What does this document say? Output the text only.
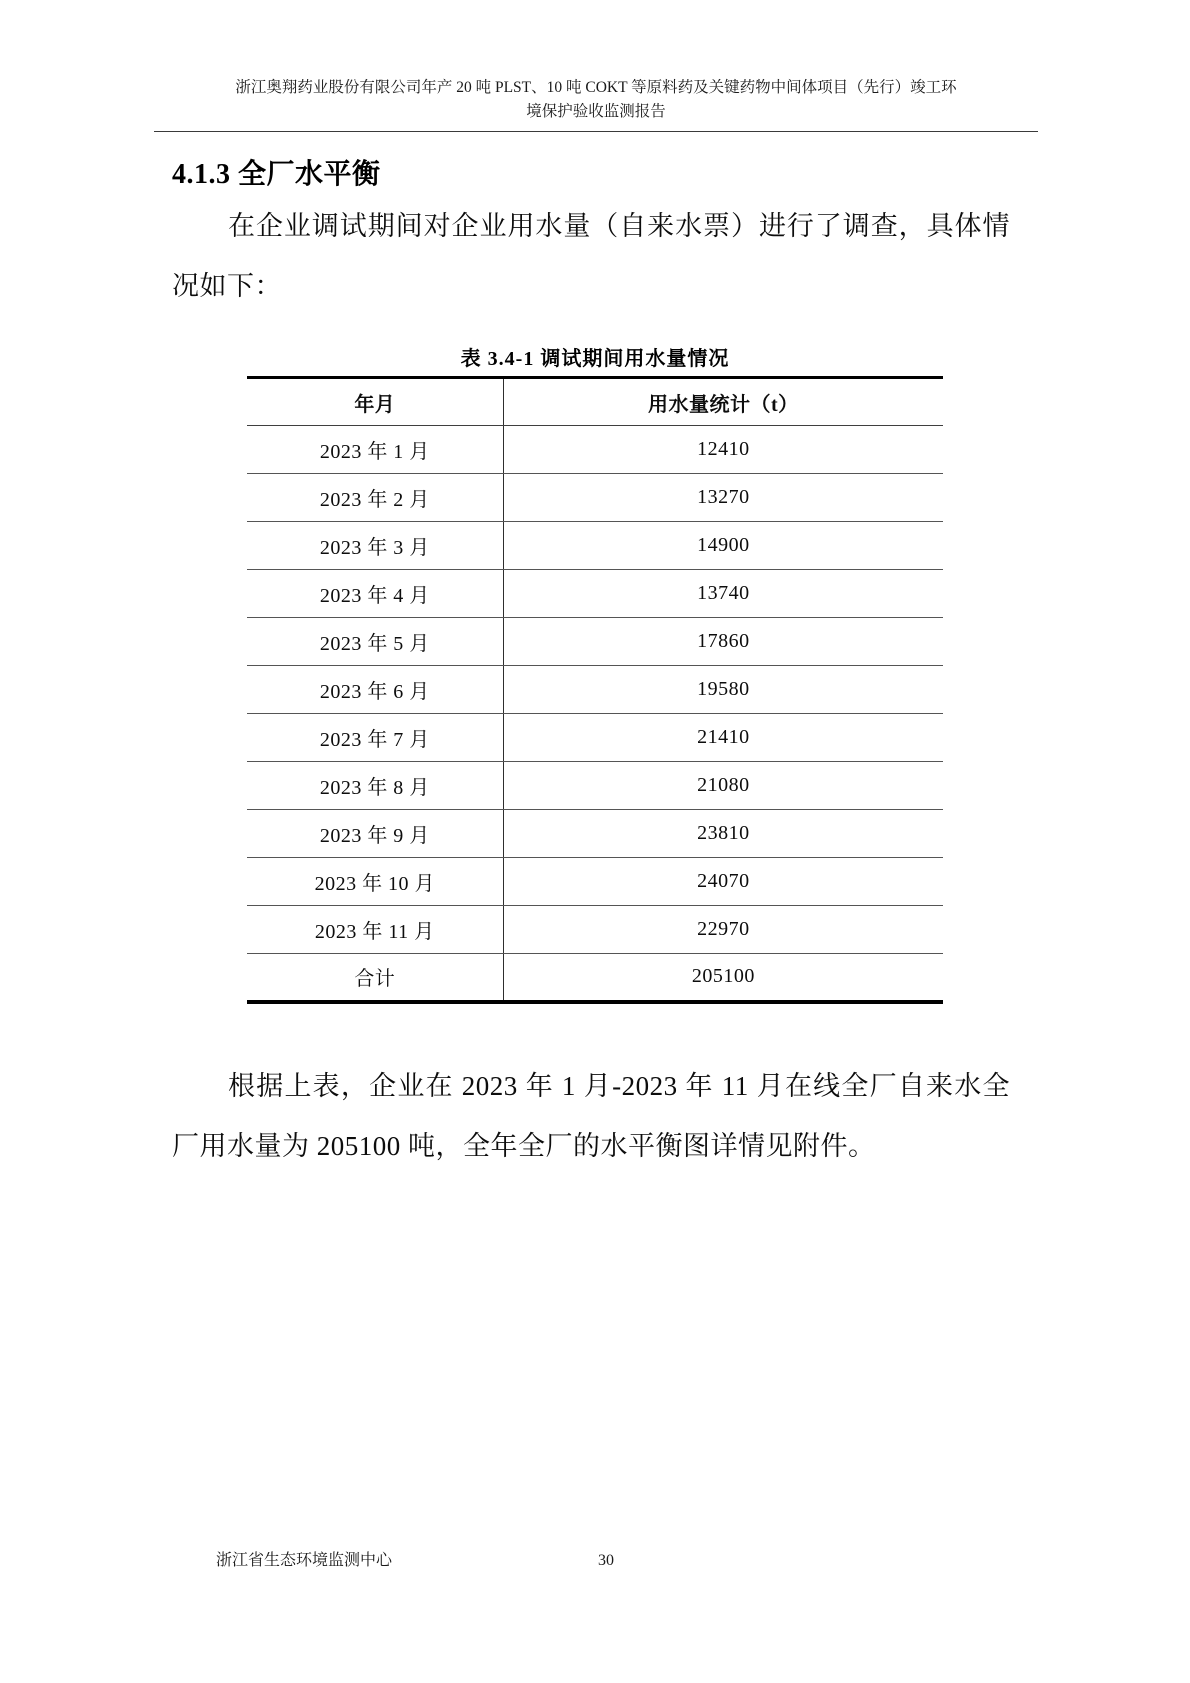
浙江奥翔药业股份有限公司年产 20 吨 PLST、10 吨 COKT 等原料药及关键药物中间体项目（先行）竣工环
境保护验收监测报告
4.1.3 全厂水平衡
在企业调试期间对企业用水量（自来水票）进行了调查，具体情
况如下：
表 3.4-1 调试期间用水量情况
年月	用水量统计（t）
2023 年 1 月	12410
2023 年 2 月	13270
2023 年 3 月	14900
2023 年 4 月	13740
2023 年 5 月	17860
2023 年 6 月	19580
2023 年 7 月	21410
2023 年 8 月	21080
2023 年 9 月	23810
2023 年 10 月	24070
2023 年 11 月	22970
合计	205100
根据上表，企业在 2023 年 1 月-2023 年 11 月在线全厂自来水全
厂用水量为 205100 吨，全年全厂的水平衡图详情见附件。
浙江省生态环境监测中心	30
